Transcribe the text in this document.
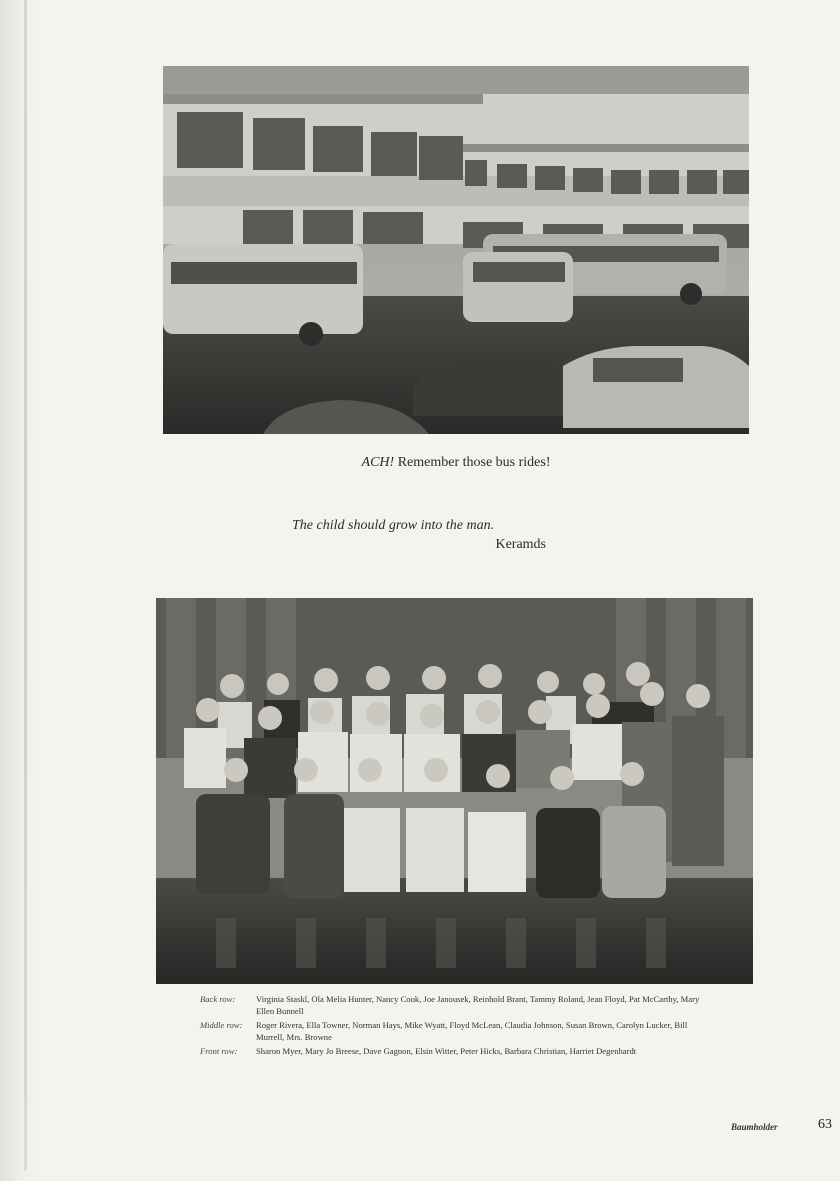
ACH! Remember those bus rides!
The child should grow into the man.
Keramds
Back row:	Virginia Staskl, Ola Melia Hunter, Nancy Cook, Joe Janousek, Reinhold Brant, Tammy Roland, Jean Floyd, Pat McCarthy, Mary Ellen Bunnell
Middle row:	Roger Rivera, Ella Towner, Norman Hays, Mike Wyatt, Floyd McLean, Claudia Johnson, Susan Brown, Carolyn Lucker, Bill Murrell, Mrs. Browne
Front row:	Sharon Myer, Mary Jo Breese, Dave Gagnon, Elsin Witter, Peter Hicks, Barbara Christian, Harriet Degenhardt
Baumholder	63
